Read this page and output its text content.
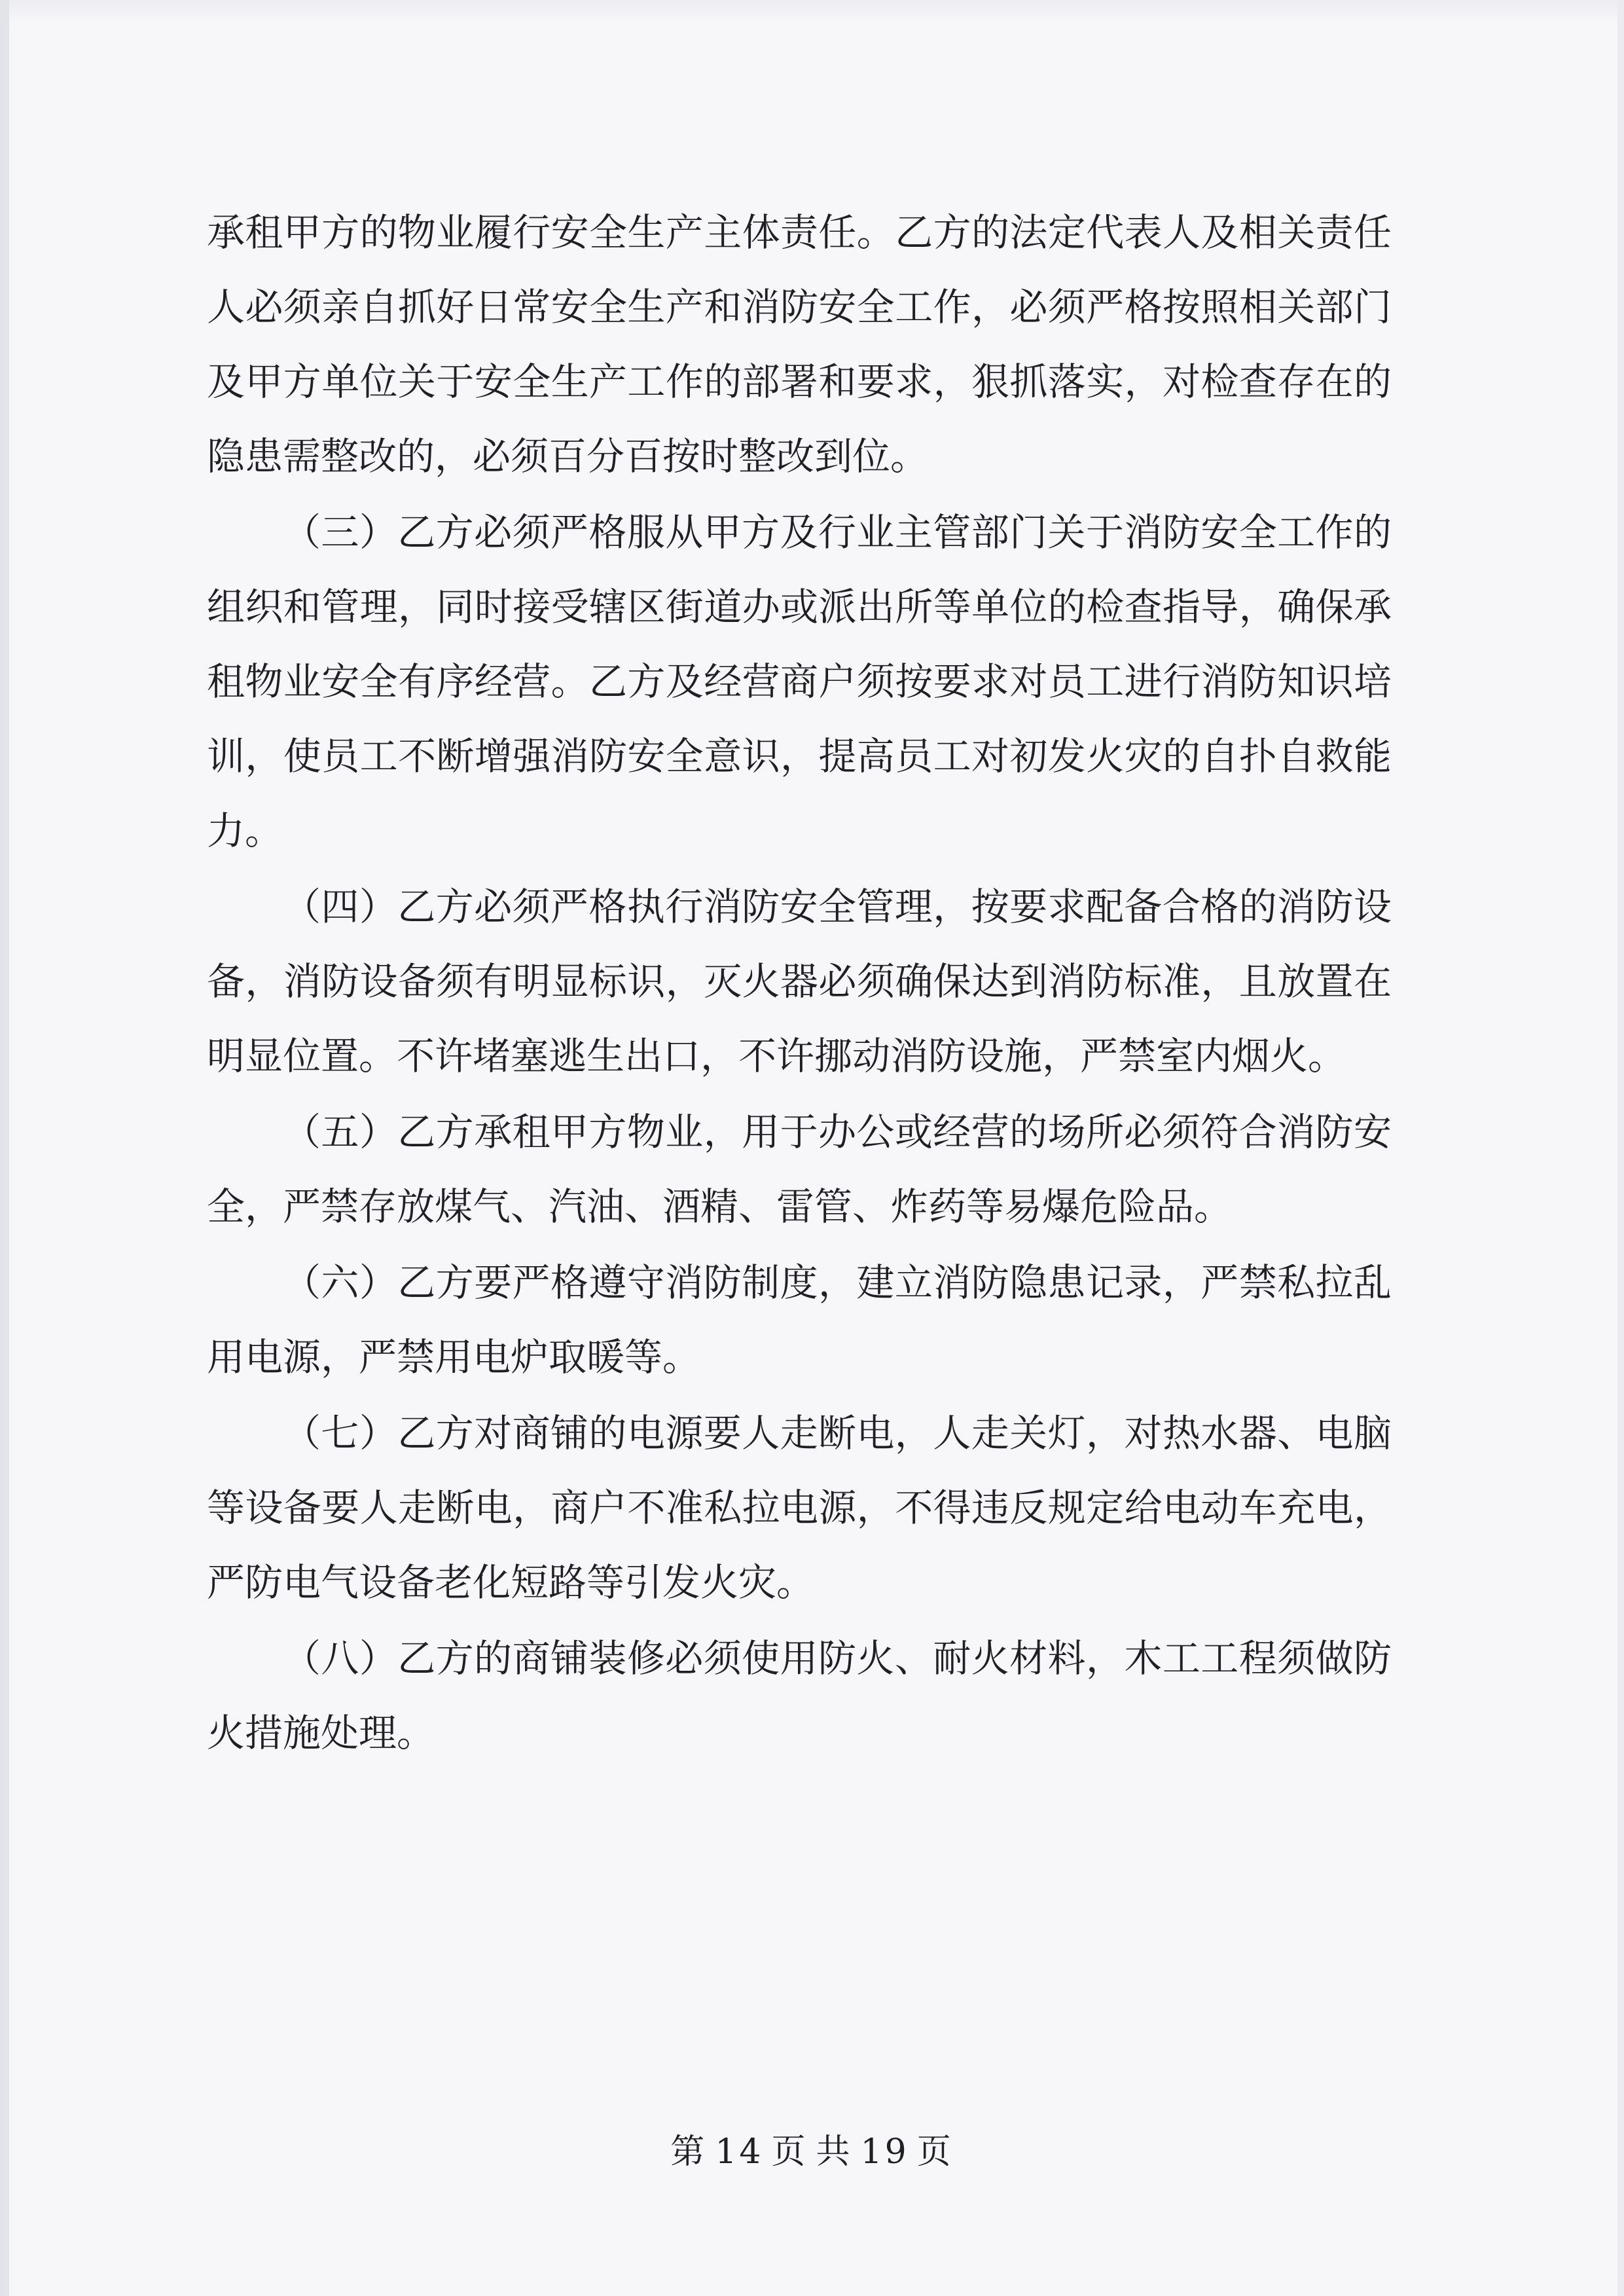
承租甲方的物业履行安全生产主体责任。乙方的法定代表人及相关责任人必须亲自抓好日常安全生产和消防安全工作，必须严格按照相关部门及甲方单位关于安全生产工作的部署和要求，狠抓落实，对检查存在的隐患需整改的，必须百分百按时整改到位。

（三）乙方必须严格服从甲方及行业主管部门关于消防安全工作的组织和管理，同时接受辖区街道办或派出所等单位的检查指导，确保承租物业安全有序经营。乙方及经营商户须按要求对员工进行消防知识培训，使员工不断增强消防安全意识，提高员工对初发火灾的自扑自救能力。

（四）乙方必须严格执行消防安全管理，按要求配备合格的消防设备，消防设备须有明显标识，灭火器必须确保达到消防标准，且放置在明显位置。不许堵塞逃生出口，不许挪动消防设施，严禁室内烟火。

（五）乙方承租甲方物业，用于办公或经营的场所必须符合消防安全，严禁存放煤气、汽油、酒精、雷管、炸药等易爆危险品。

（六）乙方要严格遵守消防制度，建立消防隐患记录，严禁私拉乱用电源，严禁用电炉取暖等。

（七）乙方对商铺的电源要人走断电，人走关灯，对热水器、电脑等设备要人走断电，商户不准私拉电源，不得违反规定给电动车充电，严防电气设备老化短路等引发火灾。

（八）乙方的商铺装修必须使用防火、耐火材料，木工工程须做防火措施处理。

第 14 页 共 19 页
